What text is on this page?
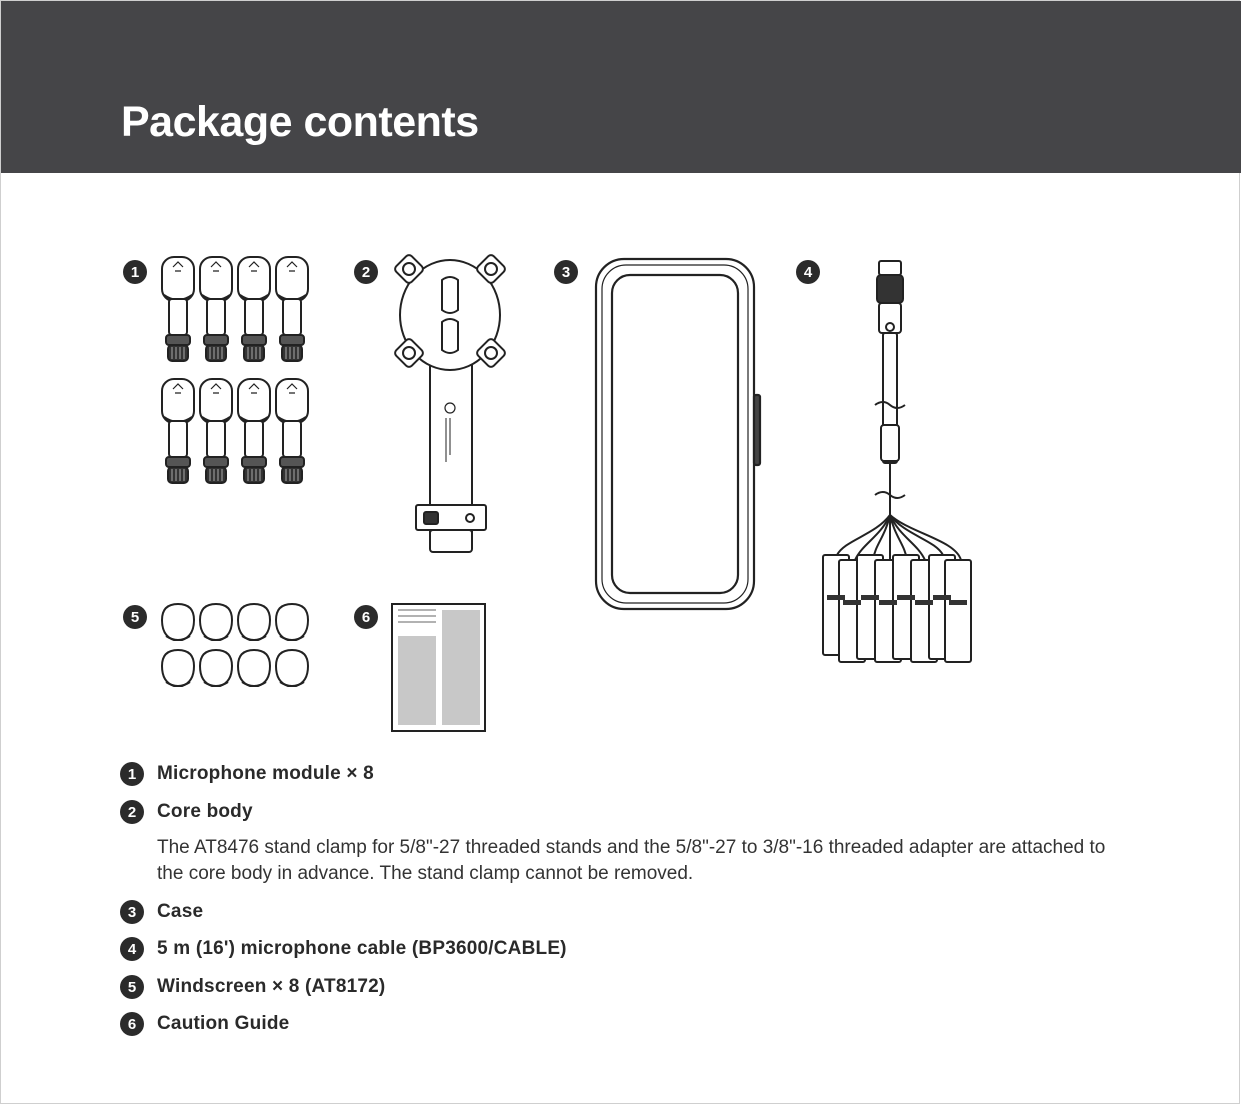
Package contents
1	2	3	4
5	6
1	Microphone module × 8
2	Core body
The AT8476 stand clamp for 5/8"-27 threaded stands and the 5/8"-27 to 3/8"-16 threaded adapter are attached to the core body in advance. The stand clamp cannot be removed.
3	Case
4	5 m (16') microphone cable (BP3600/CABLE)
5	Windscreen × 8 (AT8172)
6	Caution Guide
